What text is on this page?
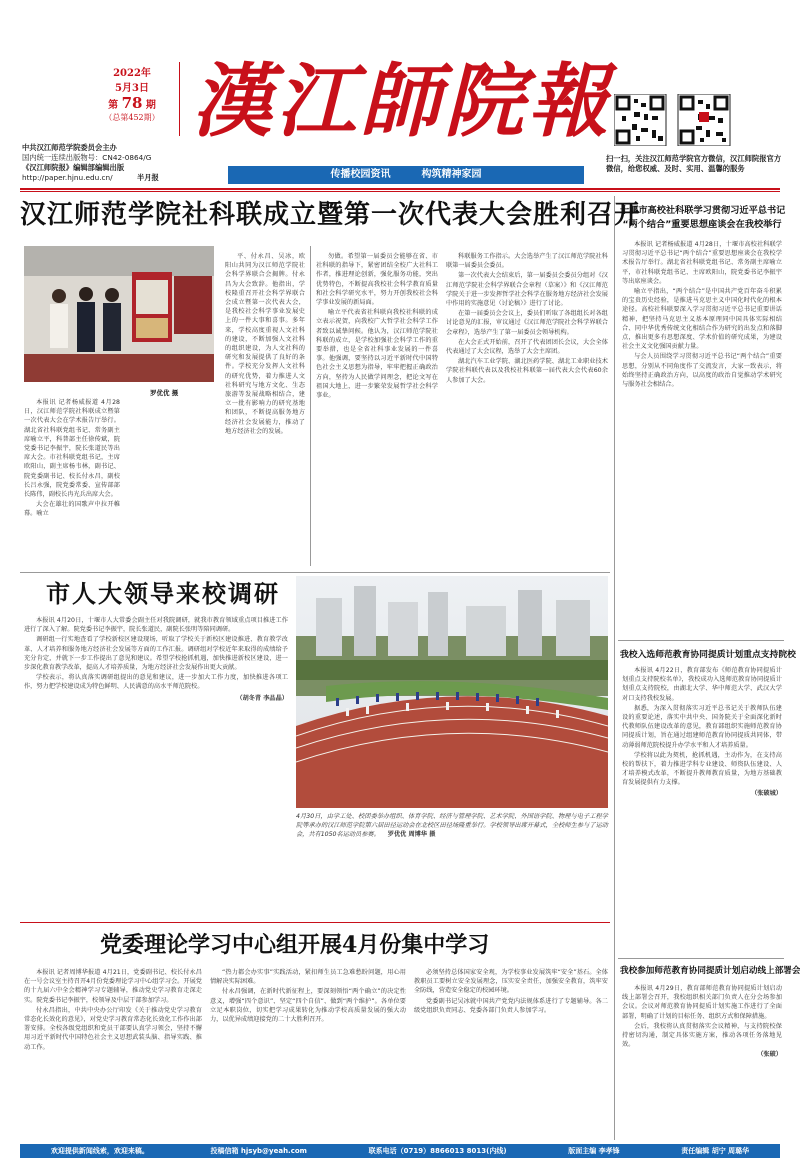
2022年
5月3日
第 78 期
（总第452期） 漢江師院報
中共汉江师范学院委员会主办
国内统一连续出版物号：CN42-0864/G
《汉江师院报》编辑部编辑出版
http://paper.hjnu.edu.cn/	半月报	传播校园资讯	构筑精神家园
扫一扫，关注汉江师范学院官方微信，汉江师院报官方微信，给您权威、及时、实用、温馨的服务
汉江师范学院社科联成立暨第一次代表大会胜利召开
罗优优 摄

本报讯 记者杨威报道 4月28日，汉江师范学院社科联成立暨第一次代表大会在学术报告厅举行。湖北省社科联党组书记、常务副主席喻立平，科普部主任徐传斌，院党委书记李振宇，院长张道民等出席大会。市社科联党组书记，主席欧阳山，副主席杨韦林，副书记、院党委副书记、校长付永昌，副校长吕永强，院党委常委、宣传部部长陈伟，副校长冉光兵出席大会。

大会在雄壮的国歌声中拉开帷幕。喻立

平、付永昌、吴冰，欧阳山共同为汉江师范学院社会科学界联合会揭牌。付永昌为大会致辞。他指出，学校隆重召开社会科学界联合会成立暨第一次代表大会，是我校社会科学事业发展史上的一件大事和喜事。多年来，学校高度重视人文社科的建设，不断加强人文社科的组织建设，为人文社科的研究和发展提供了良好的条件。学校充分发挥人文社科的研究优势，着力推进人文社科研究与地方文化、生态旅游等发展战略相结合，建立一批有影响力的研究基地和团队，不断提高服务地方经济社会发展能力，推动了地方经济社会的发展。

勿做。希望第一届委员会能够在省、市社科联的指导下，紧密团结全校广大社科工作者，推进理论创新，强化服务功能，突出优势特色，不断提高我校社会科学教育质量和社会科学研究水平，努力开创我校社会科学事业发展的新局面。

喻立平代表省社科联向我校社科联的成立表示祝贺，向我校广大哲学社会科学工作者致以诚挚问候。他认为，汉江师范学院社科联的成立，是学校加强社会科学工作的重要举措，也是全省社科事业发展的一件喜事。他强调，要坚持以习近平新时代中国特色社会主义思想为指导，牢牢把握正确政治方向，坚持为人民做学问理念，把论文写在祖国大地上，进一步繁荣发展哲学社会科学事业。

科联服务工作指示。大会选举产生了汉江师范学院社科联第一届委员会委员。

第一次代表大会结束后，第一届委员会委员分组对《汉江师范学院社会科学界联合会章程（草案）》和《汉江师范学院关于进一步发挥哲学社会科学在服务地方经济社会发展中作用的实施意见（讨论稿）》进行了讨论。

在第一届委员会会议上，委员们听取了各组组长对各组讨论意见的汇报，审议通过《汉江师范学院社会科学界联合会章程》，选举产生了第一届委员会领导机构。

在大会正式开始前，召开了代表团团长会议，大会全体代表通过了大会议程，选举了大会主席团。

湖北汽车工业学院、湖北医药学院、湖北工业职业技术学院社科联代表以及我校社科联第一届代表大会代表60余人参加了大会。

市人大领导来校调研

本报讯 4月20日，十堰市人大常委会副主任对我院调研，就我市教育领域重点项目推进工作进行了深入了解。院党委书记李振宇，院长张道民，副院长张明等陪同调研。

调研组一行实地查看了学校新校区建设现场，听取了学校关于新校区建设推进、教育教学改革、人才培养和服务地方经济社会发展等方面的工作汇报。调研组对学校近年来取得的成绩给予充分肯定，并就下一步工作提出了意见和建议。希望学校抢抓机遇，加快推进新校区建设，进一步深化教育教学改革，提高人才培养质量，为地方经济社会发展作出更大贡献。

学校表示，将认真落实调研组提出的意见和建议，进一步加大工作力度，加快推进各项工作，努力把学校建设成为特色鲜明、人民满意的高水平师范院校。

（胡冬青 李品晶）
4月30日，由学工处、校团委举办组织、体育学院、经济与管理学院、艺术学院、外国语学院、物理与电子工程学院等承办的汉江师范学院第六届田径运动会在北校区田径场隆重举行。学校领导出席开幕式，全校师生参与了运动会，共有1050名运动员参赛。 罗优优 周博华 摄
党委理论学习中心组开展4月份集中学习

本报讯 记者周博华报道 4月21日，党委副书记、校长付永昌在一号会议室主持召开4月份党委理论学习中心组学习会。开展党的十九届六中全会精神学习专题辅导，推动党史学习教育走深走实。院党委书记李振宇，校领导及中层干部参加学习。

付永昌指出，中共中央办公厅印发《关于推动党史学习教育常态化长效化的意见》，对党史学习教育常态化长效化工作作出部署安排。全校各级党组织和党员干部要认真学习领会，坚持不懈用习近平新时代中国特色社会主义思想武装头脑、指导实践、推动工作。

“热力都会办实事”实践活动，紧扣师生员工急难愁盼问题，用心用情解决实际困难。

付永昌强调，在新时代新征程上，要深刻领悟“两个确立”的决定性意义，增强“四个意识”、坚定“四个自信”、做到“两个维护”。各单位要立足本职岗位，切实把学习成果转化为推动学校高质量发展的强大动力，以优异成绩迎接党的二十大胜利召开。

必须坚持总体国家安全观，为学校事业发展筑牢“安全”基石。全体教职员工要树立安全发展理念，压实安全责任，加强安全教育，筑牢安全防线，营造安全稳定的校园环境。

党委副书记吴冰就中国共产党党内法规体系进行了专题辅导。各二级党组织负责同志、党委各部门负责人参加学习。

十堰市高校社科联学习贯彻习近平总书记
“两个结合”重要思想座谈会在我校举行

本报讯 记者杨威报道 4月28日，十堰市高校社科联学习贯彻习近平总书记“两个结合”重要思想座谈会在我校学术报告厅举行。湖北省社科联党组书记、常务副主席喻立平，市社科联党组书记、主席欧阳山，院党委书记李振宇等出席座谈会。

喻立平指出，“两个结合”是中国共产党百年奋斗积累的宝贵历史经验，是推进马克思主义中国化时代化的根本途径。高校社科联要深入学习贯彻习近平总书记重要讲话精神，把坚持马克思主义基本原理同中国具体实际相结合、同中华优秀传统文化相结合作为研究的出发点和落脚点，推出更多有思想深度、学术价值的研究成果，为建设社会主义文化强国贡献力量。

与会人员围绕学习贯彻习近平总书记“两个结合”重要思想，分别从不同角度作了交流发言，大家一致表示，将始终坚持正确政治方向，以高度的政治自觉推动学术研究与服务社会相结合。

我校入选师范教育协同提质计划重点支持院校

本报讯 4月22日，教育部发布《师范教育协同提质计划重点支持院校名单》，我校成功入选师范教育协同提质计划重点支持院校，由湖北大学、华中师范大学、武汉大学对口支持我校发展。

据悉，为深入贯彻落实习近平总书记关于教师队伍建设的重要论述，落实中共中央、国务院关于全面深化新时代教师队伍建设改革的意见，教育部组织实施师范教育协同提质计划，旨在通过组建师范教育协同提质共同体，带动薄弱师范院校提升办学水平和人才培养质量。

学校将以此为契机，抢抓机遇，主动作为，在支持高校的帮扶下，着力推进学科专业建设、师资队伍建设、人才培养模式改革，不断提升教师教育质量，为地方基础教育发展提供有力支撑。

（张破城）
我校参加师范教育协同提质计划启动线上部署会

本报讯 4月29日，教育部师范教育协同提质计划启动线上部署会召开，我校组织相关部门负责人在分会场参加会议。会议对师范教育协同提质计划实施工作进行了全面部署，明确了计划的目标任务、组织方式和保障措施。

会后，我校将认真贯彻落实会议精神，与支持院校保持密切沟通，制定具体实施方案，推动各项任务落地见效。

（张破）
欢迎提供新闻线索，欢迎来稿。	投稿信箱 hjsyb@yeah.com	联系电话（0719）8866013 8013(内线)	版面主编 李孝锋	责任编辑 胡宁 周璐华
